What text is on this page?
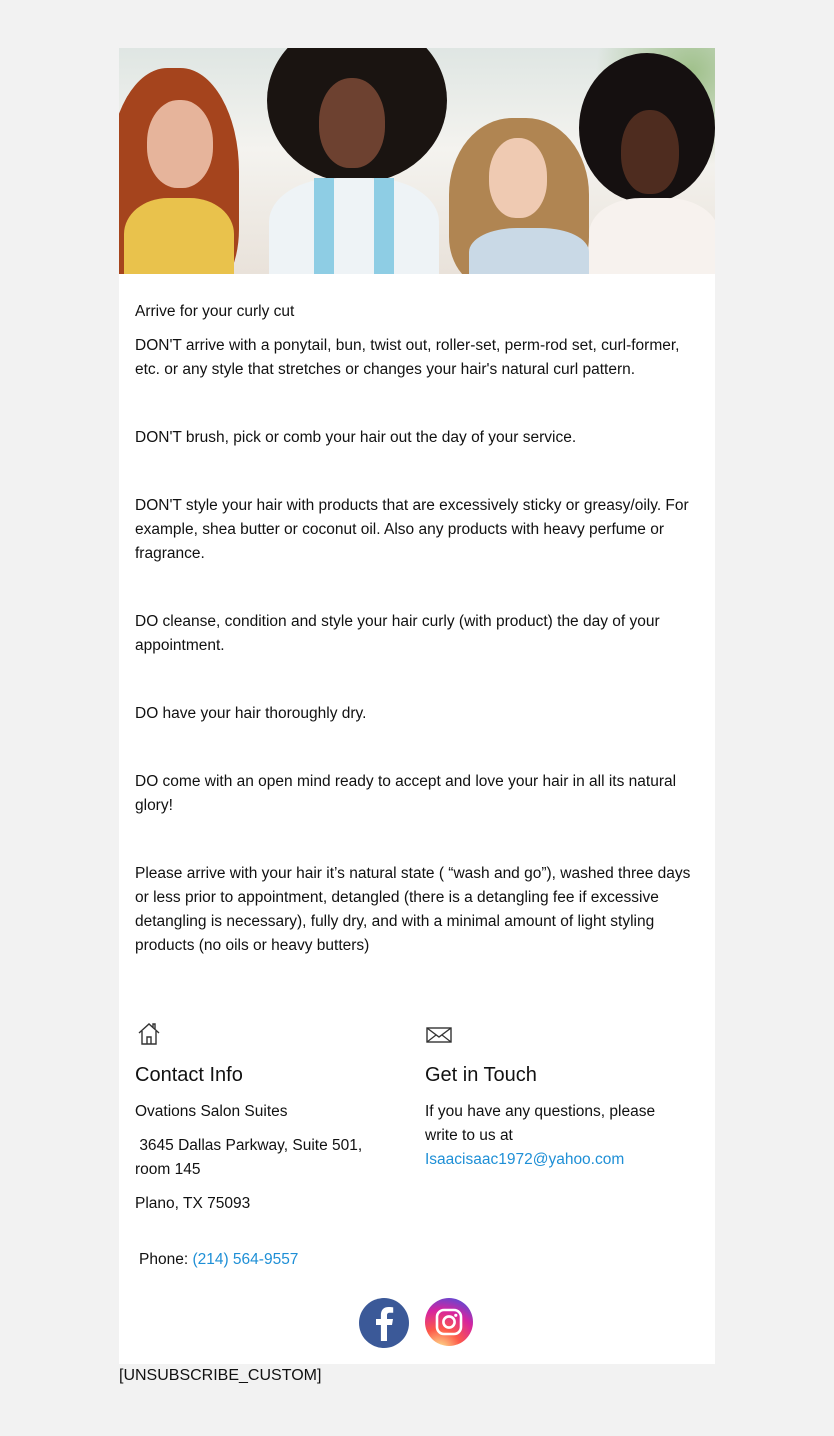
Arrive for your curly cut

DON'T arrive with a ponytail, bun, twist out, roller-set, perm-rod set, curl-former, etc. or any style that stretches or changes your hair's natural curl pattern.

DON'T brush, pick or comb your hair out the day of your service.

DON'T style your hair with products that are excessively sticky or greasy/oily. For example, shea butter or coconut oil. Also any products with heavy perfume or fragrance.

DO cleanse, condition and style your hair curly (with product) the day of your appointment.

DO have your hair thoroughly dry.

DO come with an open mind ready to accept and love your hair in all its natural glory!

Please arrive with your hair it’s natural state ( “wash and go”), washed three days or less prior to appointment, detangled (there is a detangling fee if excessive detangling is necessary), fully dry, and with a minimal amount of light styling products (no oils or heavy butters)

Contact Info

Ovations Salon Suites

3645 Dallas Parkway, Suite 501, room 145

Plano, TX 75093

Get in Touch

If you have any questions, please write to us at
Isaacisaac1972@yahoo.com

Phone: (214) 564-9557
[UNSUBSCRIBE_CUSTOM]
